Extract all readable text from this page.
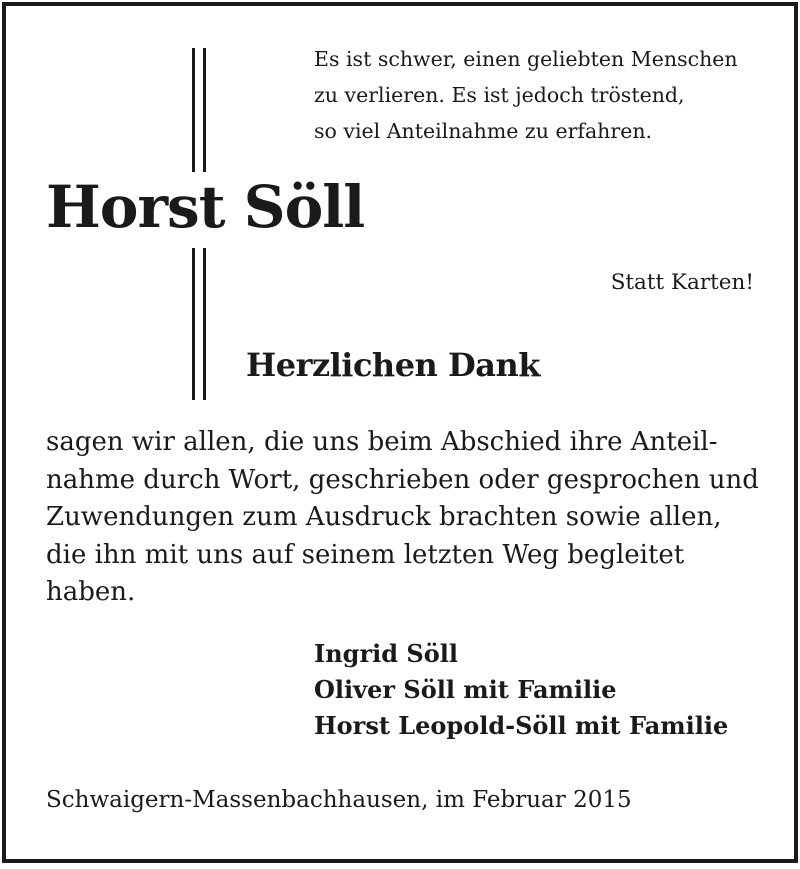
Es ist schwer, einen geliebten Menschen
zu verlieren. Es ist jedoch tröstend,
so viel Anteilnahme zu erfahren.
Horst Söll
Statt Karten!
Herzlichen Dank
sagen wir allen, die uns beim Abschied ihre Anteil-
nahme durch Wort, geschrieben oder gesprochen und
Zuwendungen zum Ausdruck brachten sowie allen,
die ihn mit uns auf seinem letzten Weg begleitet
haben.
Ingrid Söll
Oliver Söll mit Familie
Horst Leopold-Söll mit Familie
Schwaigern-Massenbachhausen, im Februar 2015
